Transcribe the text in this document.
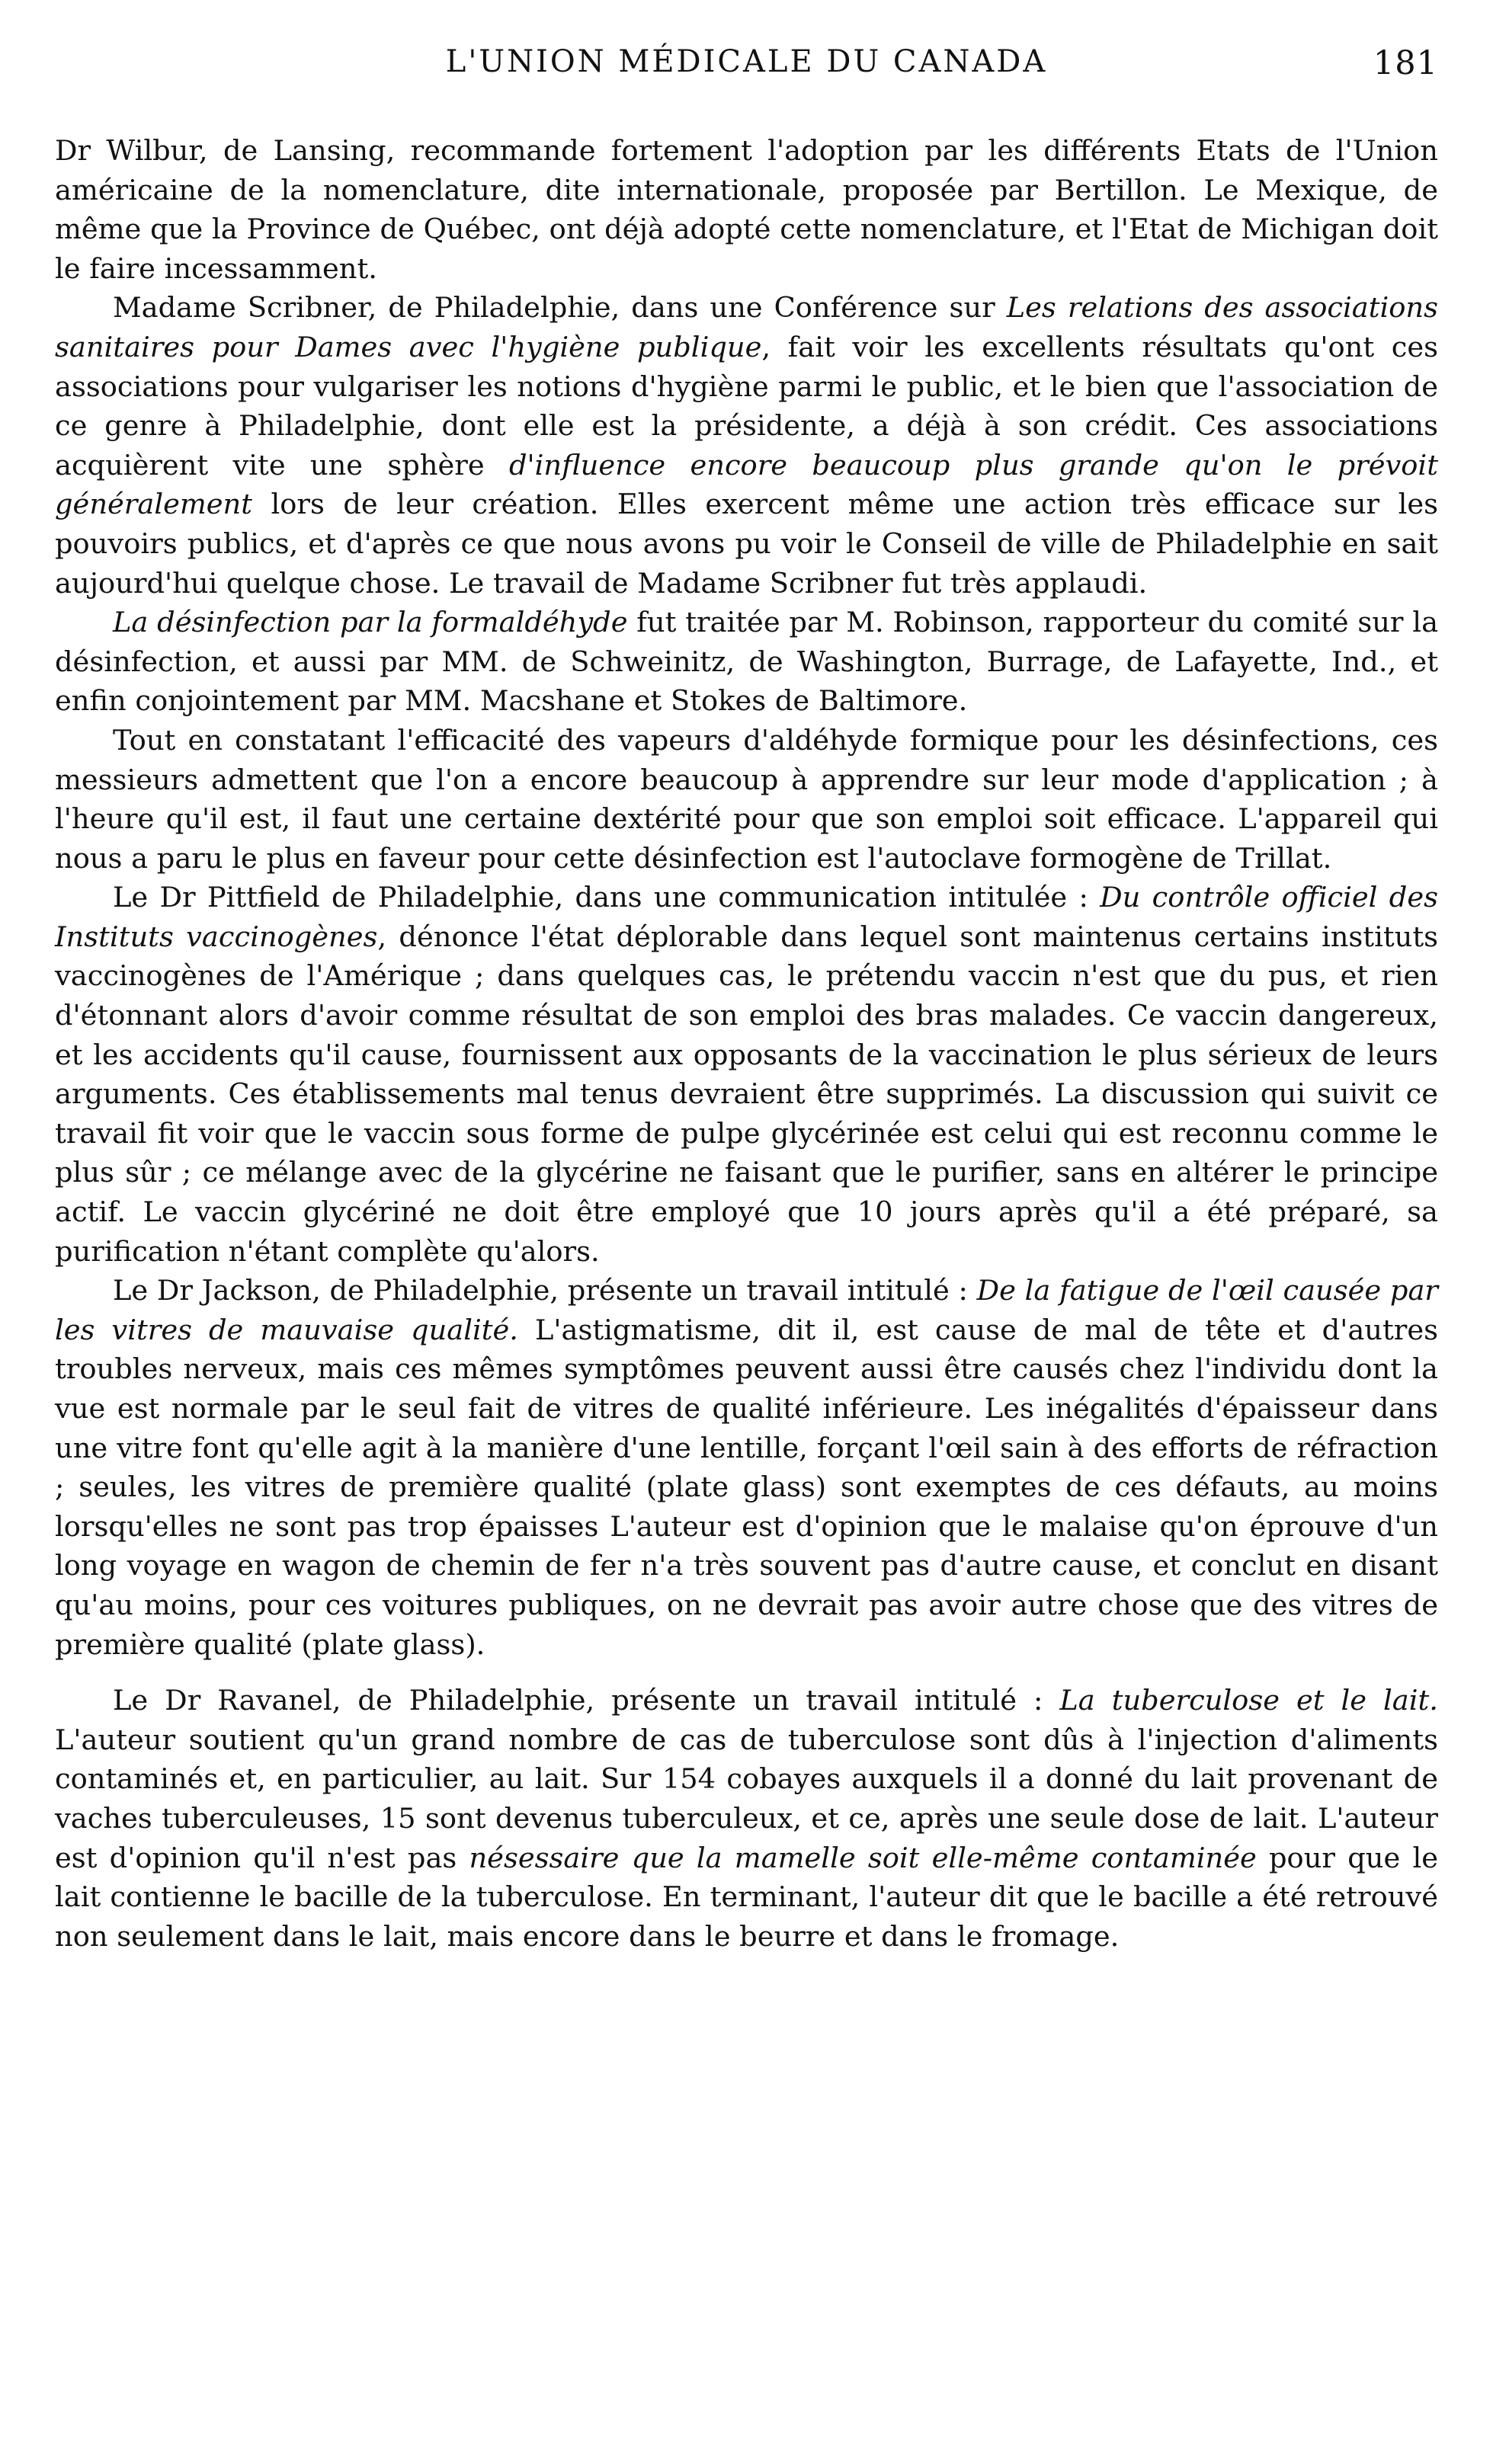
L'UNION MÉDICALE DU CANADA	181

Dr Wilbur, de Lansing, recommande fortement l'adoption par les différents Etats de l'Union américaine de la nomenclature, dite internationale, proposée par Bertillon. Le Mexique, de même que la Province de Québec, ont déjà adopté cette nomenclature, et l'Etat de Michigan doit le faire incessamment.

Madame Scribner, de Philadelphie, dans une Conférence sur Les relations des associations sanitaires pour Dames avec l'hygiène publique, fait voir les excellents résultats qu'ont ces associations pour vulgariser les notions d'hygiène parmi le public, et le bien que l'association de ce genre à Philadelphie, dont elle est la présidente, a déjà à son crédit. Ces associations acquièrent vite une sphère d'influence encore beaucoup plus grande qu'on le prévoit généralement lors de leur création. Elles exercent même une action très efficace sur les pouvoirs publics, et d'après ce que nous avons pu voir le Conseil de ville de Philadelphie en sait aujourd'hui quelque chose. Le travail de Madame Scribner fut très applaudi.

La désinfection par la formaldéhyde fut traitée par M. Robinson, rapporteur du comité sur la désinfection, et aussi par MM. de Schweinitz, de Washington, Burrage, de Lafayette, Ind., et enfin conjointement par MM. Macshane et Stokes de Baltimore.

Tout en constatant l'efficacité des vapeurs d'aldéhyde formique pour les désinfections, ces messieurs admettent que l'on a encore beaucoup à apprendre sur leur mode d'application ; à l'heure qu'il est, il faut une certaine dextérité pour que son emploi soit efficace. L'appareil qui nous a paru le plus en faveur pour cette désinfection est l'autoclave formogène de Trillat.

Le Dr Pittfield de Philadelphie, dans une communication intitulée : Du contrôle officiel des Instituts vaccinogènes, dénonce l'état déplorable dans lequel sont maintenus certains instituts vaccinogènes de l'Amérique ; dans quelques cas, le prétendu vaccin n'est que du pus, et rien d'étonnant alors d'avoir comme résultat de son emploi des bras malades. Ce vaccin dangereux, et les accidents qu'il cause, fournissent aux opposants de la vaccination le plus sérieux de leurs arguments. Ces établissements mal tenus devraient être supprimés. La discussion qui suivit ce travail fit voir que le vaccin sous forme de pulpe glycérinée est celui qui est reconnu comme le plus sûr ; ce mélange avec de la glycérine ne faisant que le purifier, sans en altérer le principe actif. Le vaccin glycériné ne doit être employé que 10 jours après qu'il a été préparé, sa purification n'étant complète qu'alors.

Le Dr Jackson, de Philadelphie, présente un travail intitulé : De la fatigue de l'œil causée par les vitres de mauvaise qualité. L'astigmatisme, dit il, est cause de mal de tête et d'autres troubles nerveux, mais ces mêmes symptômes peuvent aussi être causés chez l'individu dont la vue est normale par le seul fait de vitres de qualité inférieure. Les inégalités d'épaisseur dans une vitre font qu'elle agit à la manière d'une lentille, forçant l'œil sain à des efforts de réfraction ; seules, les vitres de première qualité (plate glass) sont exemptes de ces défauts, au moins lorsqu'elles ne sont pas trop épaisses L'auteur est d'opinion que le malaise qu'on éprouve d'un long voyage en wagon de chemin de fer n'a très souvent pas d'autre cause, et conclut en disant qu'au moins, pour ces voitures publiques, on ne devrait pas avoir autre chose que des vitres de première qualité (plate glass).

Le Dr Ravanel, de Philadelphie, présente un travail intitulé : La tuberculose et le lait. L'auteur soutient qu'un grand nombre de cas de tuberculose sont dûs à l'injection d'aliments contaminés et, en particulier, au lait. Sur 154 cobayes auxquels il a donné du lait provenant de vaches tuberculeuses, 15 sont devenus tuberculeux, et ce, après une seule dose de lait. L'auteur est d'opinion qu'il n'est pas nésessaire que la mamelle soit elle-même contaminée pour que le lait contienne le bacille de la tuberculose. En terminant, l'auteur dit que le bacille a été retrouvé non seulement dans le lait, mais encore dans le beurre et dans le fromage.
